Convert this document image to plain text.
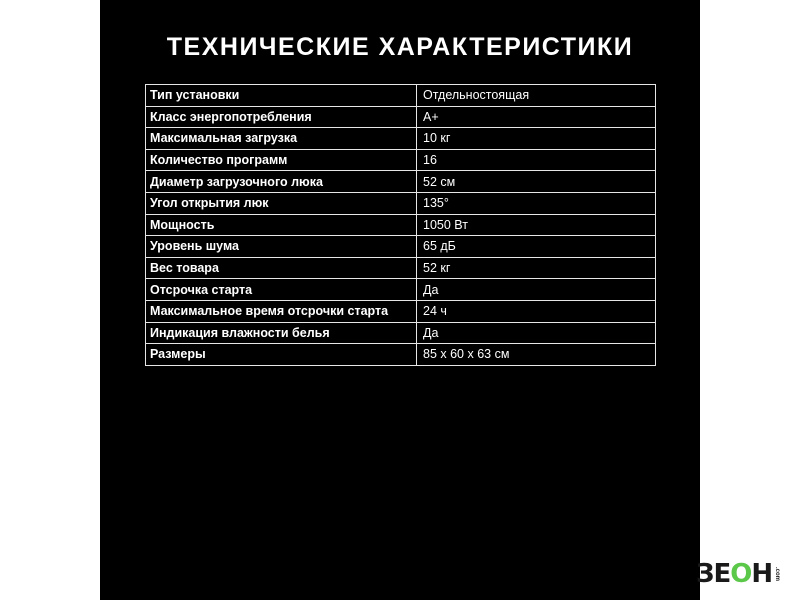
ТЕХНИЧЕСКИЕ ХАРАКТЕРИСТИКИ
Тип установки	Отдельностоящая
Класс энергопотребления	A+
Максимальная загрузка	10 кг
Количество программ	16
Диаметр загрузочного люка	52 см
Угол открытия люк	135°
Мощность	1050 Вт
Уровень шума	65 дБ
Вес товара	52 кг
Отсрочка старта	Да
Максимальное время отсрочки старта	24 ч
Индикация влажности белья	Да
Размеры	85 x 60 x 63 см
ЗЕОН .com
